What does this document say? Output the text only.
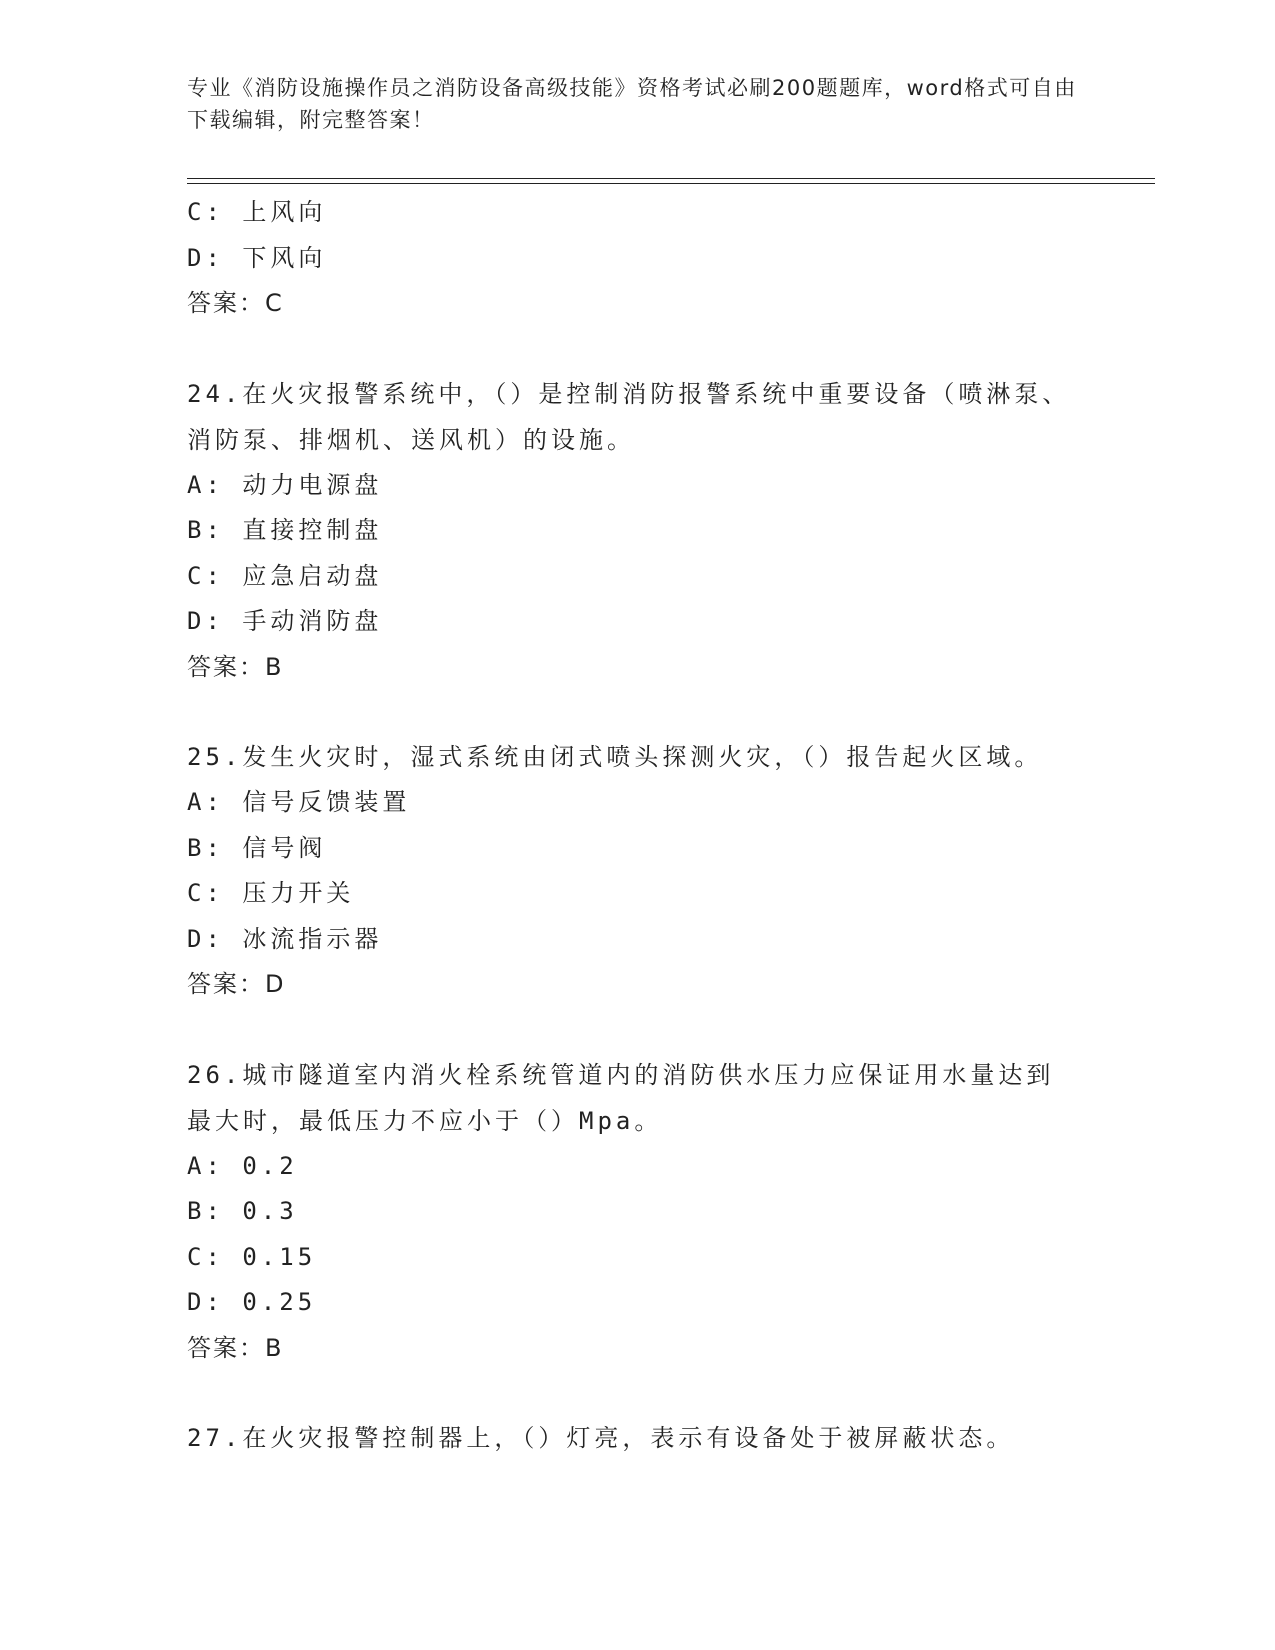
专业《消防设施操作员之消防设备高级技能》资格考试必刷200题题库，word格式可自由下载编辑，附完整答案！
C: 上风向
D: 下风向
答案：C
24.在火灾报警系统中，（）是控制消防报警系统中重要设备（喷淋泵、消防泵、排烟机、送风机）的设施。
A: 动力电源盘
B: 直接控制盘
C: 应急启动盘
D: 手动消防盘
答案：B
25.发生火灾时，湿式系统由闭式喷头探测火灾，（）报告起火区域。
A: 信号反馈装置
B: 信号阀
C: 压力开关
D: 冰流指示器
答案：D
26.城市隧道室内消火栓系统管道内的消防供水压力应保证用水量达到最大时，最低压力不应小于（）Mpa。
A: 0.2
B: 0.3
C: 0.15
D: 0.25
答案：B
27.在火灾报警控制器上，（）灯亮，表示有设备处于被屏蔽状态。
